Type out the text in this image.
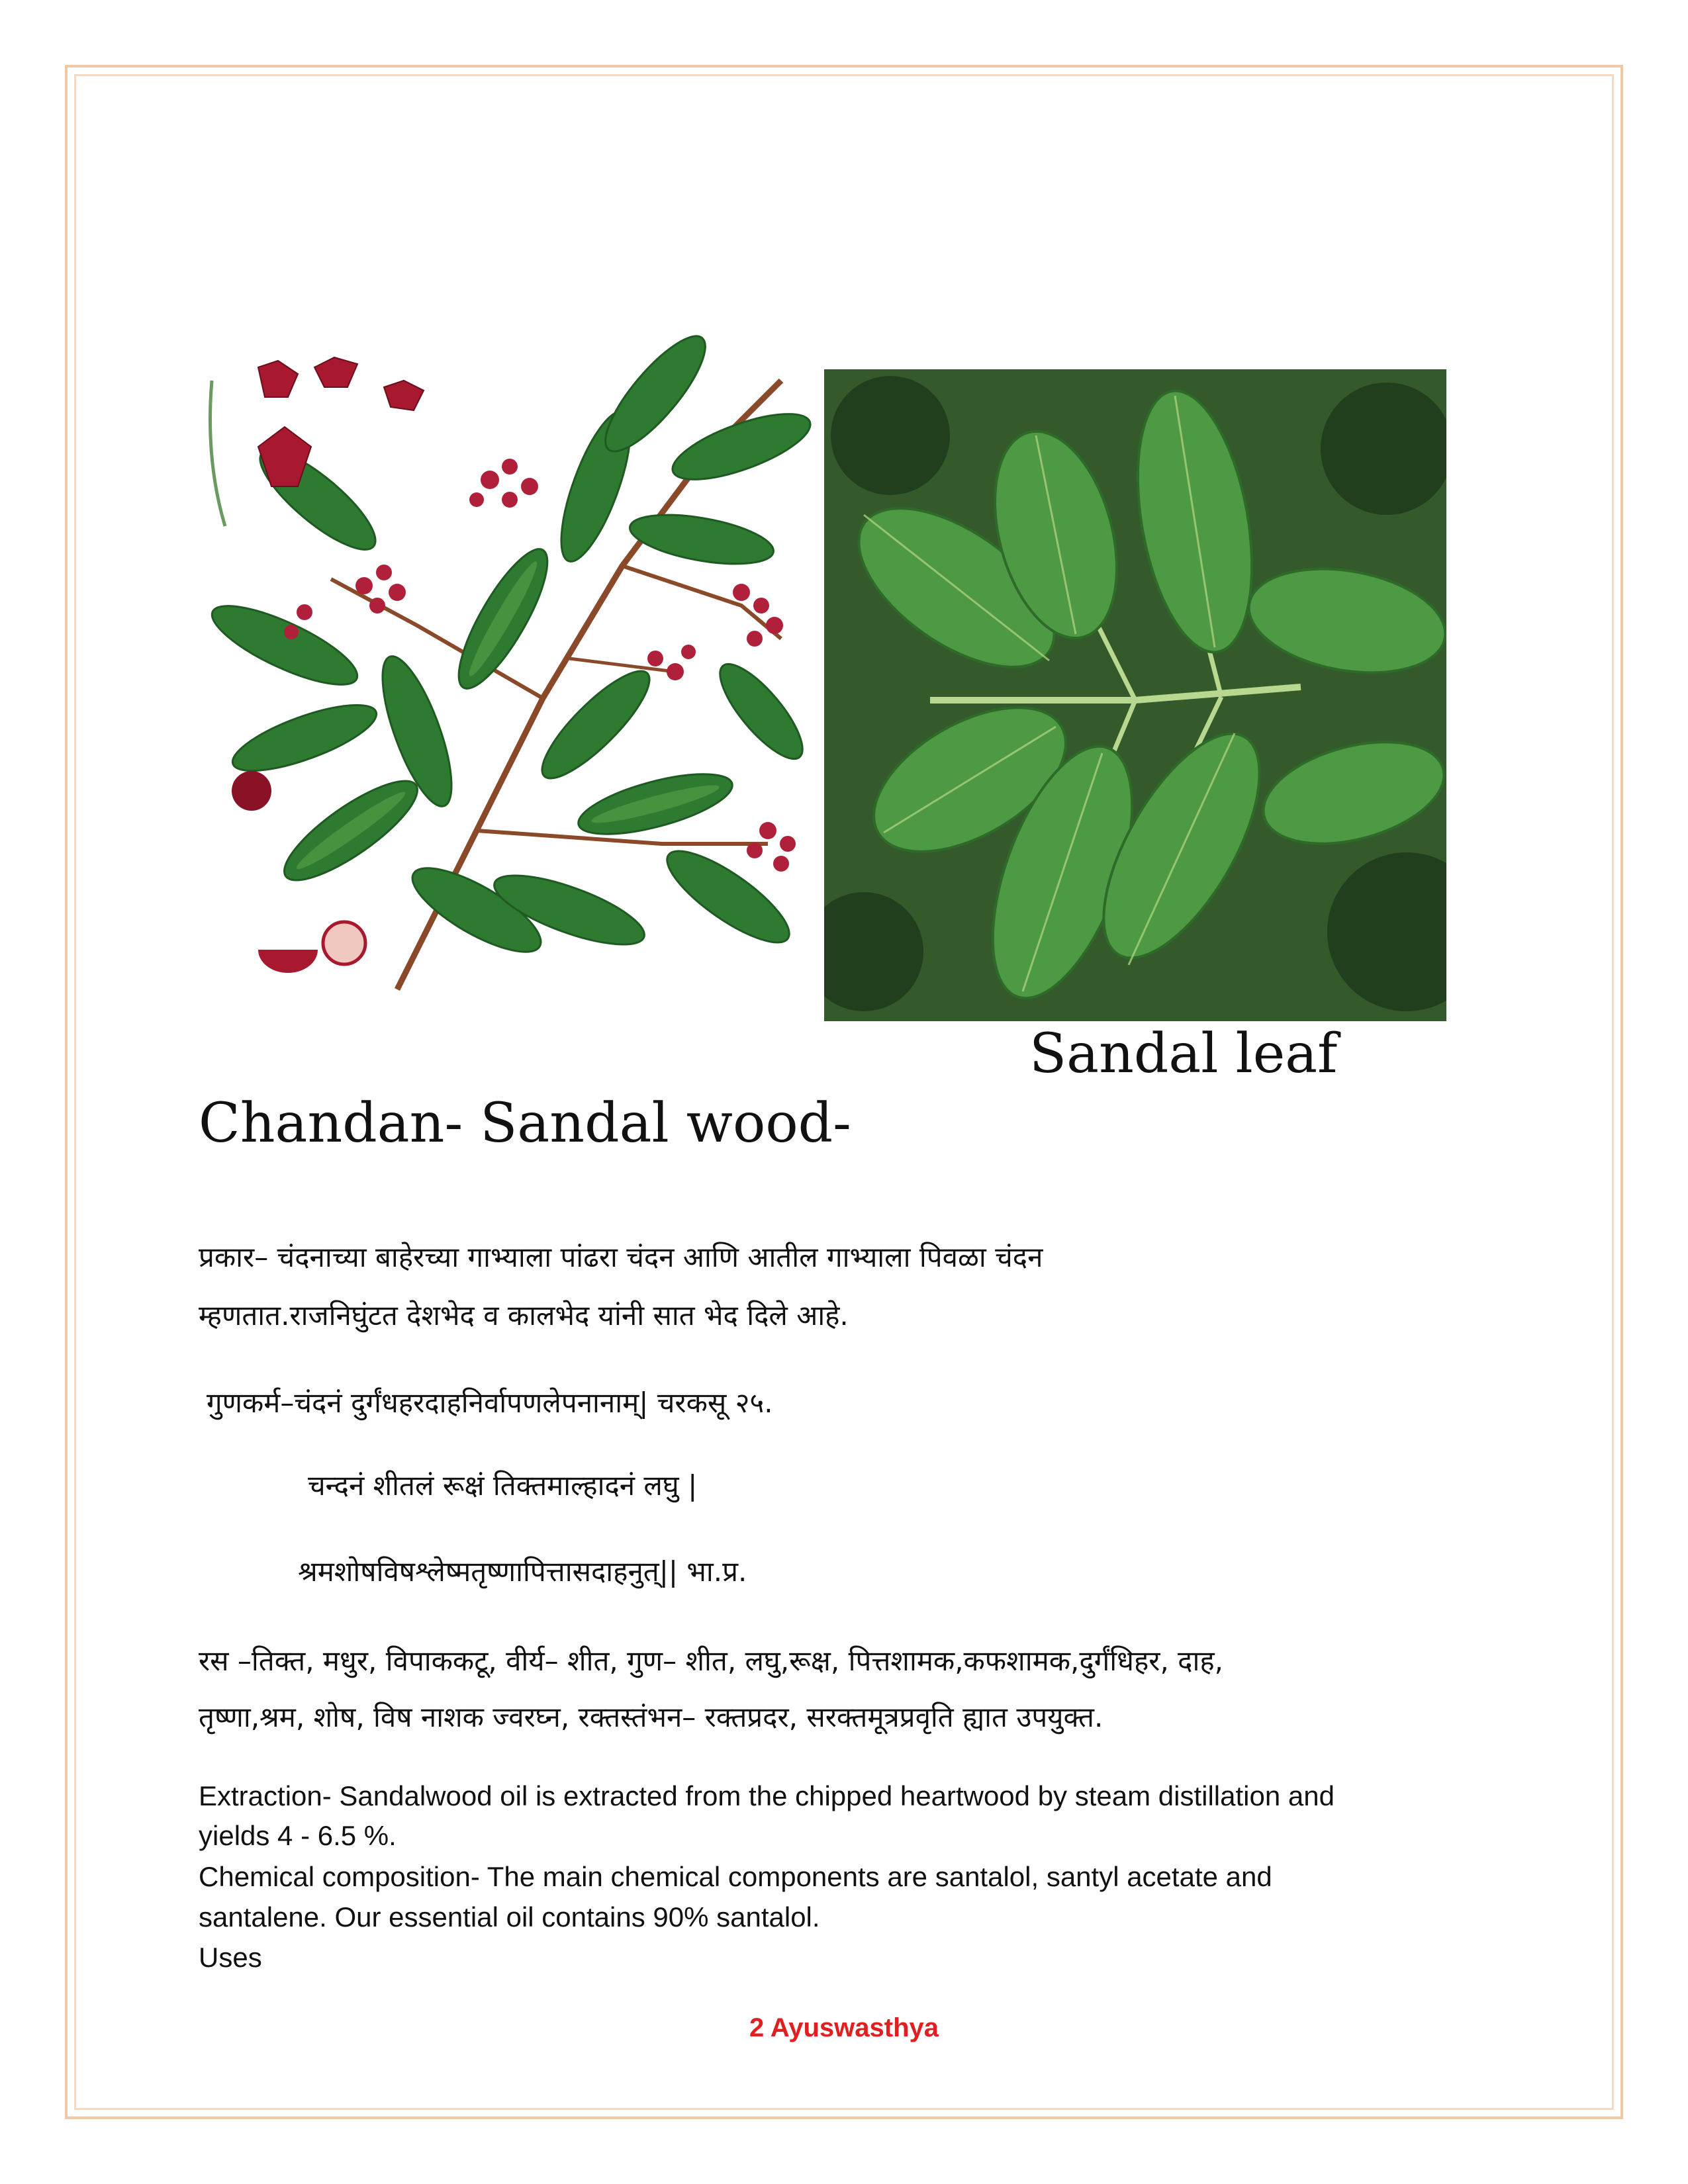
Sandal leaf
Chandan- Sandal wood-
प्रकार– चंदनाच्या बाहेरच्या गाभ्याला पांढरा चंदन आणि आतील गाभ्याला पिवळा चंदन
म्हणतात.राजनिघुंटत देशभेद व कालभेद यांनी सात भेद दिले आहे.
गुणकर्म–चंदनं दुर्गंधहरदाहनिर्वापणलेपनानाम्| चरकसू २५.
चन्दनं शीतलं रूक्षं तिक्तमाल्हादनं लघु |
श्रमशोषविषश्लेष्मतृष्णापित्तासदाहनुत्|| भा.प्र.
रस –तिक्त, मधुर, विपाककटू, वीर्य– शीत, गुण– शीत, लघु,रूक्ष, पित्तशामक,कफशामक,दुर्गंधिहर, दाह,
तृष्णा,श्रम, शोष, विष नाशक ज्वरघ्न, रक्तस्तंभन– रक्तप्रदर, सरक्तमूत्रप्रवृति ह्यात उपयुक्त.
Extraction- Sandalwood oil is extracted from the chipped heartwood by steam distillation and
yields 4 - 6.5 %.
Chemical composition- The main chemical components are santalol, santyl acetate and
santalene. Our essential oil contains 90% santalol.
Uses
2 Ayuswasthya
